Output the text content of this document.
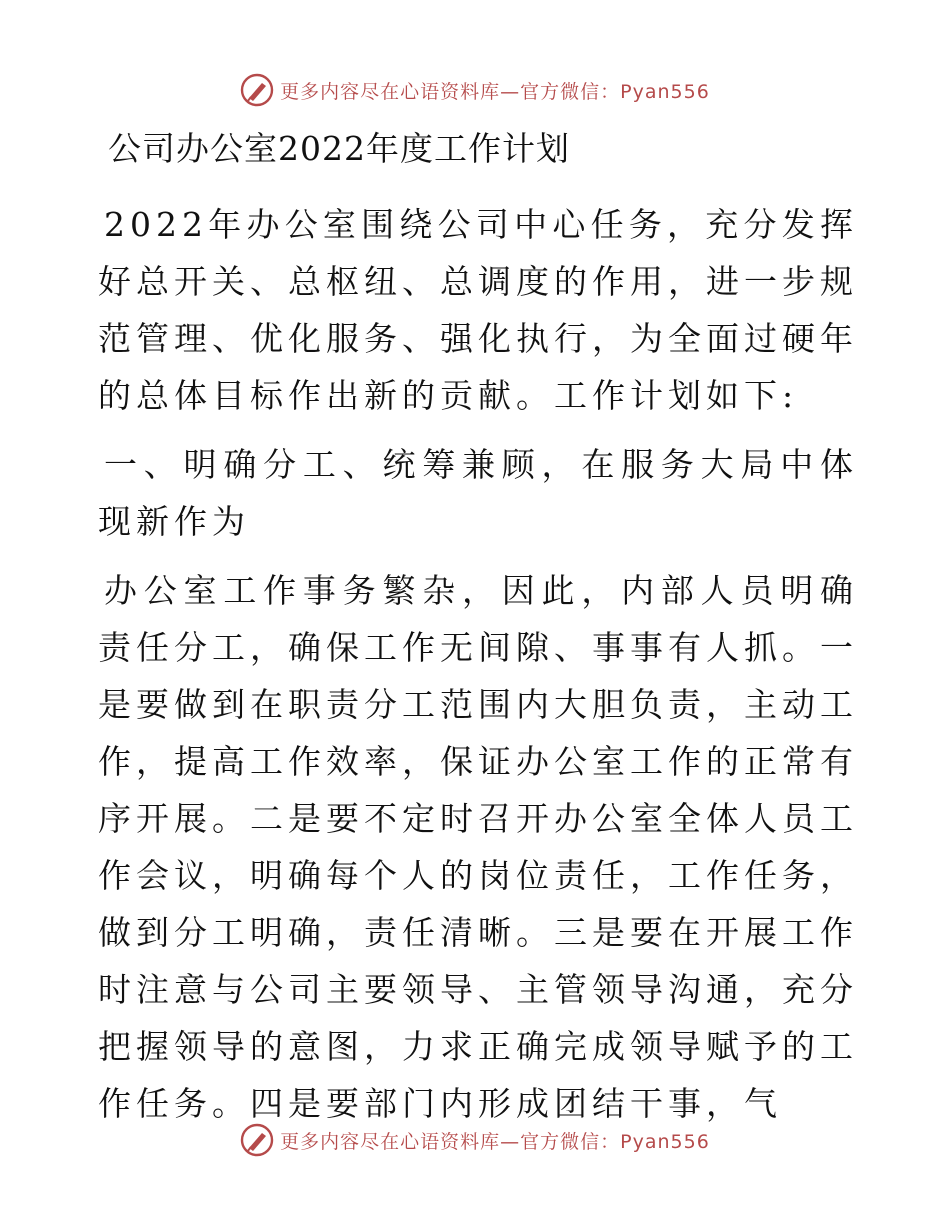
更多内容尽在心语资料库—官方微信：Pyan556
公司办公室2022年度工作计划

2022年办公室围绕公司中心任务，充分发挥好总开关、总枢纽、总调度的作用，进一步规范管理、优化服务、强化执行，为全面过硬年的总体目标作出新的贡献。工作计划如下:

一、明确分工、统筹兼顾，在服务大局中体现新作为

办公室工作事务繁杂，因此，内部人员明确责任分工，确保工作无间隙、事事有人抓。一是要做到在职责分工范围内大胆负责，主动工作，提高工作效率，保证办公室工作的正常有序开展。二是要不定时召开办公室全体人员工作会议，明确每个人的岗位责任，工作任务，做到分工明确，责任清晰。三是要在开展工作时注意与公司主要领导、主管领导沟通，充分把握领导的意图，力求正确完成领导赋予的工作任务。四是要部门内形成团结干事，气

更多内容尽在心语资料库—官方微信：Pyan556
